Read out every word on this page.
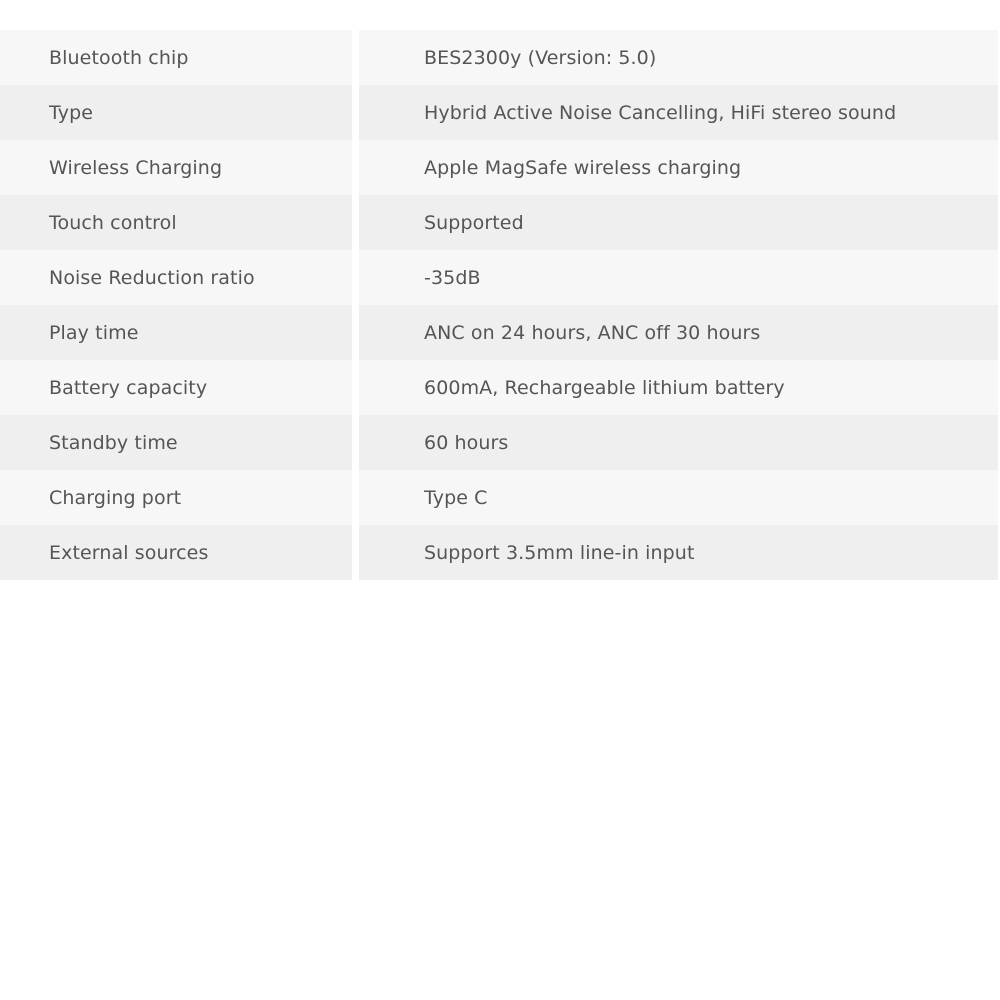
Bluetooth chip	BES2300y (Version: 5.0)
Type	Hybrid Active Noise Cancelling, HiFi stereo sound
Wireless Charging	Apple MagSafe wireless charging
Touch control	Supported
Noise Reduction ratio	-35dB
Play time	ANC on 24 hours, ANC off 30 hours
Battery capacity	600mA, Rechargeable lithium battery
Standby time	60 hours
Charging port	Type C
External sources	Support 3.5mm line-in input
